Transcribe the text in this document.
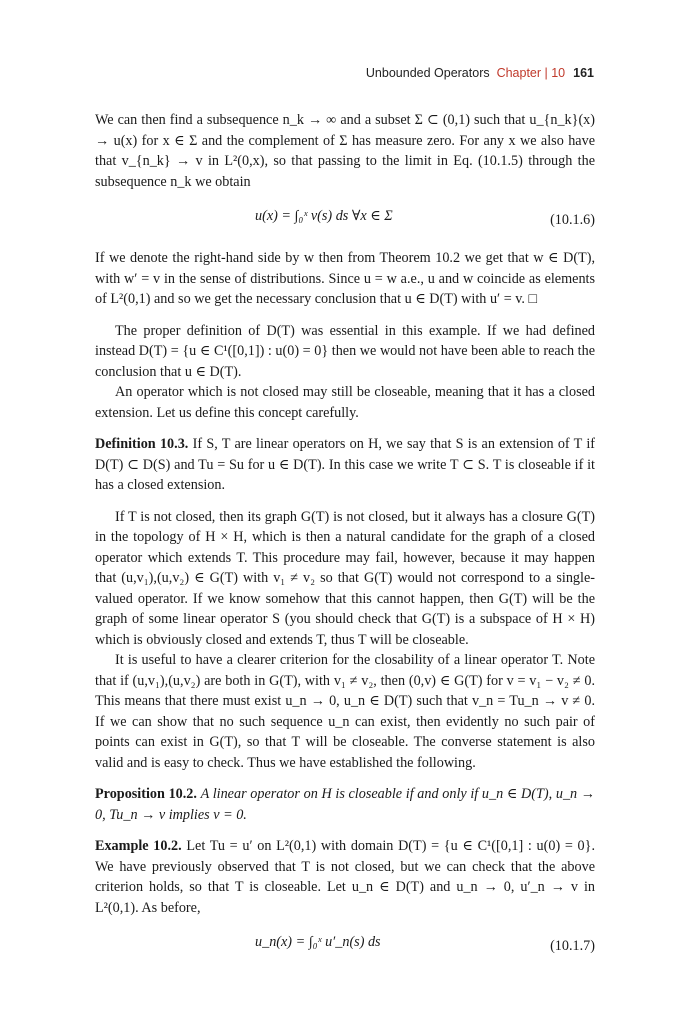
Unbounded Operators Chapter | 10 161

We can then find a subsequence n_k → ∞ and a subset Σ ⊂ (0,1) such that u_{n_k}(x) → u(x) for x ∈ Σ and the complement of Σ has measure zero. For any x we also have that v_{n_k} → v in L²(0,x), so that passing to the limit in Eq. (10.1.5) through the subsequence n_k we obtain

u(x) = ∫₀ˣ v(s) ds ∀x ∈ Σ	(10.1.6)

If we denote the right-hand side by w then from Theorem 10.2 we get that w ∈ D(T), with w′ = v in the sense of distributions. Since u = w a.e., u and w coincide as elements of L²(0,1) and so we get the necessary conclusion that u ∈ D(T) with u′ = v. □

The proper definition of D(T) was essential in this example. If we had defined instead D(T) = {u ∈ C¹([0,1]) : u(0) = 0} then we would not have been able to reach the conclusion that u ∈ D(T).

An operator which is not closed may still be closeable, meaning that it has a closed extension. Let us define this concept carefully.

Definition 10.3. If S, T are linear operators on H, we say that S is an extension of T if D(T) ⊂ D(S) and Tu = Su for u ∈ D(T). In this case we write T ⊂ S. T is closeable if it has a closed extension.

If T is not closed, then its graph G(T) is not closed, but it always has a closure G(T) in the topology of H × H, which is then a natural candidate for the graph of a closed operator which extends T. This procedure may fail, however, because it may happen that (u,v₁),(u,v₂) ∈ G(T) with v₁ ≠ v₂ so that G(T) would not correspond to a single-valued operator. If we know somehow that this cannot happen, then G(T) will be the graph of some linear operator S (you should check that G(T) is a subspace of H × H) which is obviously closed and extends T, thus T will be closeable.

It is useful to have a clearer criterion for the closability of a linear operator T. Note that if (u,v₁),(u,v₂) are both in G(T), with v₁ ≠ v₂, then (0,v) ∈ G(T) for v = v₁ − v₂ ≠ 0. This means that there must exist u_n → 0, u_n ∈ D(T) such that v_n = Tu_n → v ≠ 0. If we can show that no such sequence u_n can exist, then evidently no such pair of points can exist in G(T), so that T will be closeable. The converse statement is also valid and is easy to check. Thus we have established the following.

Proposition 10.2. A linear operator on H is closeable if and only if u_n ∈ D(T), u_n → 0, Tu_n → v implies v = 0.

Example 10.2. Let Tu = u′ on L²(0,1) with domain D(T) = {u ∈ C¹([0,1] : u(0) = 0}. We have previously observed that T is not closed, but we can check that the above criterion holds, so that T is closeable. Let u_n ∈ D(T) and u_n → 0, u′_n → v in L²(0,1). As before,

u_n(x) = ∫₀ˣ u′_n(s) ds	(10.1.7)
